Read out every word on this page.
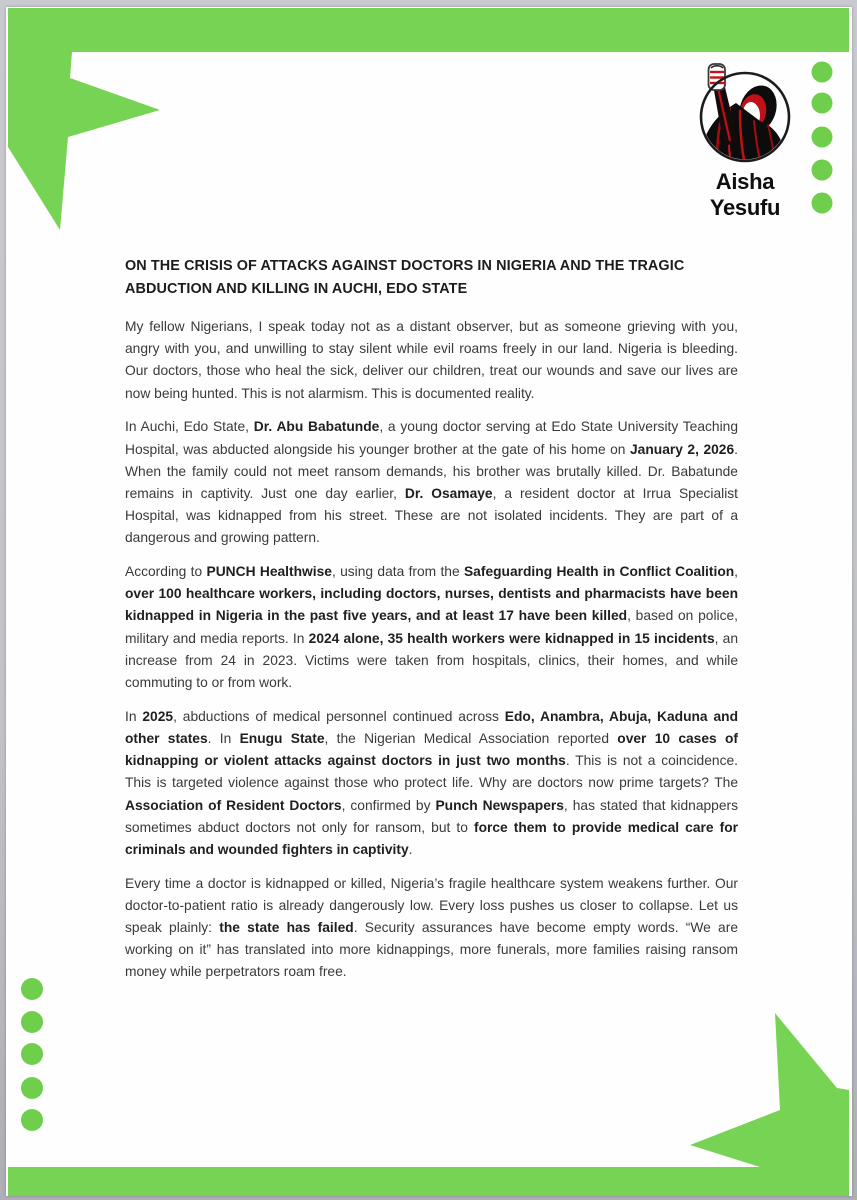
Aisha
Yesufu
ON THE CRISIS OF ATTACKS AGAINST DOCTORS IN NIGERIA AND THE TRAGIC
ABDUCTION AND KILLING IN AUCHI, EDO STATE

My fellow Nigerians, I speak today not as a distant observer, but as someone grieving with you, angry with you, and unwilling to stay silent while evil roams freely in our land. Nigeria is bleeding. Our doctors, those who heal the sick, deliver our children, treat our wounds and save our lives are now being hunted. This is not alarmism. This is documented reality.

In Auchi, Edo State, Dr. Abu Babatunde, a young doctor serving at Edo State University Teaching Hospital, was abducted alongside his younger brother at the gate of his home on January 2, 2026. When the family could not meet ransom demands, his brother was brutally killed. Dr. Babatunde remains in captivity. Just one day earlier, Dr. Osamaye, a resident doctor at Irrua Specialist Hospital, was kidnapped from his street. These are not isolated incidents. They are part of a dangerous and growing pattern.

According to PUNCH Healthwise, using data from the Safeguarding Health in Conflict Coalition, over 100 healthcare workers, including doctors, nurses, dentists and pharmacists have been kidnapped in Nigeria in the past five years, and at least 17 have been killed, based on police, military and media reports. In 2024 alone, 35 health workers were kidnapped in 15 incidents, an increase from 24 in 2023. Victims were taken from hospitals, clinics, their homes, and while commuting to or from work.

In 2025, abductions of medical personnel continued across Edo, Anambra, Abuja, Kaduna and other states. In Enugu State, the Nigerian Medical Association reported over 10 cases of kidnapping or violent attacks against doctors in just two months. This is not a coincidence. This is targeted violence against those who protect life. Why are doctors now prime targets? The Association of Resident Doctors, confirmed by Punch Newspapers, has stated that kidnappers sometimes abduct doctors not only for ransom, but to force them to provide medical care for criminals and wounded fighters in captivity.

Every time a doctor is kidnapped or killed, Nigeria’s fragile healthcare system weakens further. Our doctor-to-patient ratio is already dangerously low. Every loss pushes us closer to collapse. Let us speak plainly: the state has failed. Security assurances have become empty words. “We are working on it” has translated into more kidnappings, more funerals, more families raising ransom money while perpetrators roam free.
